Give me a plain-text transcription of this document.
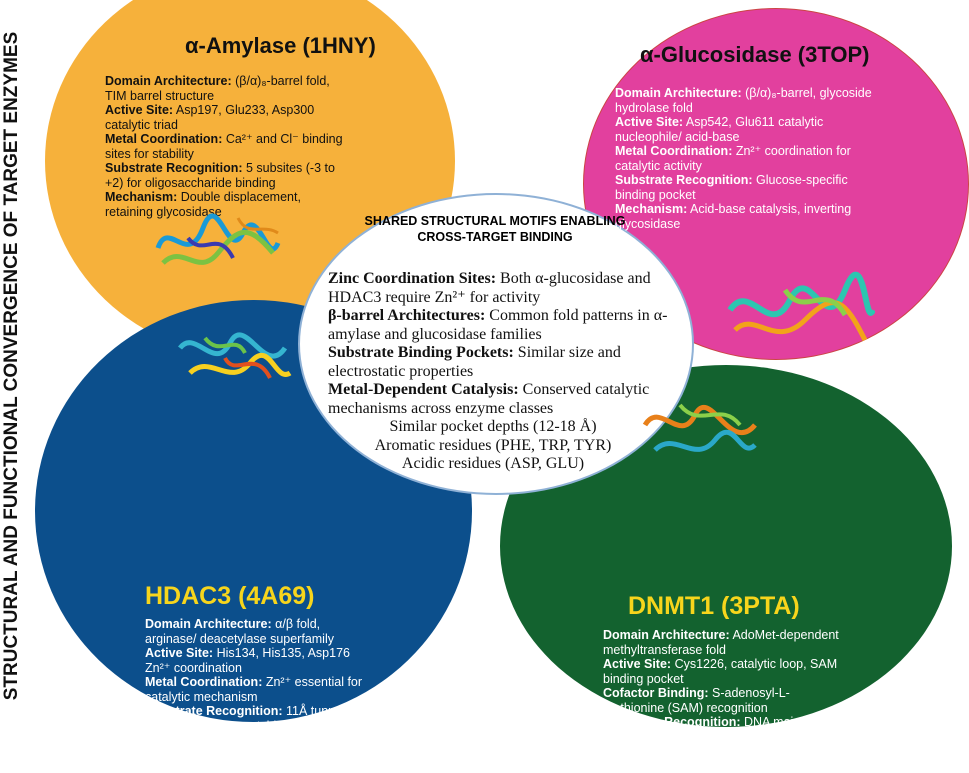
STRUCTURAL AND FUNCTIONAL CONVERGENCE OF TARGET ENZYMES	α-Amylase (1HNY)
Domain Architecture: (β/α)₈-barrel fold, TIM barrel structure
Active Site: Asp197, Glu233, Asp300 catalytic triad
Metal Coordination: Ca²⁺ and Cl⁻ binding sites for stability
Substrate Recognition: 5 subsites (-3 to +2) for oligosaccharide binding
Mechanism: Double displacement, retaining glycosidase
α-Glucosidase (3TOP)
Domain Architecture: (β/α)₈-barrel, glycoside hydrolase fold
Active Site: Asp542, Glu611 catalytic nucleophile/ acid-base
Metal Coordination: Zn²⁺ coordination for catalytic activity
Substrate Recognition: Glucose-specific binding pocket
Mechanism: Acid-base catalysis, inverting glycosidase
HDAC3 (4A69)
Domain Architecture: α/β fold, arginase/ deacetylase superfamily
Active Site: His134, His135, Asp176 Zn²⁺ coordination
Metal Coordination: Zn²⁺ essential for catalytic mechanism
Substrate Recognition: 11Å tunnel accommodating acetyl-lysine
Mechanism: Zinc-dependent hydrolysis, general base catalysis
DNMT1 (3PTA)
Domain Architecture: AdoMet-dependent methyltransferase fold
Active Site: Cys1226, catalytic loop, SAM binding pocket
Cofactor Binding: S-adenosyl-L-methionine (SAM) recognition
Substrate Recognition: DNA major groove, CpG dinucleotide specificity
Mechanism: SN2-like methyl transfer, covalent intermediate
SHARED STRUCTURAL MOTIFS ENABLING CROSS-TARGET BINDING
Zinc Coordination Sites: Both α-glucosidase and HDAC3 require Zn²⁺ for activity
β-barrel Architectures: Common fold patterns in α-amylase and glucosidase families
Substrate Binding Pockets: Similar size and electrostatic properties
Metal-Dependent Catalysis: Conserved catalytic mechanisms across enzyme classes
Similar pocket depths (12-18 Å)
Aromatic residues (PHE, TRP, TYR)
Acidic residues (ASP, GLU)
